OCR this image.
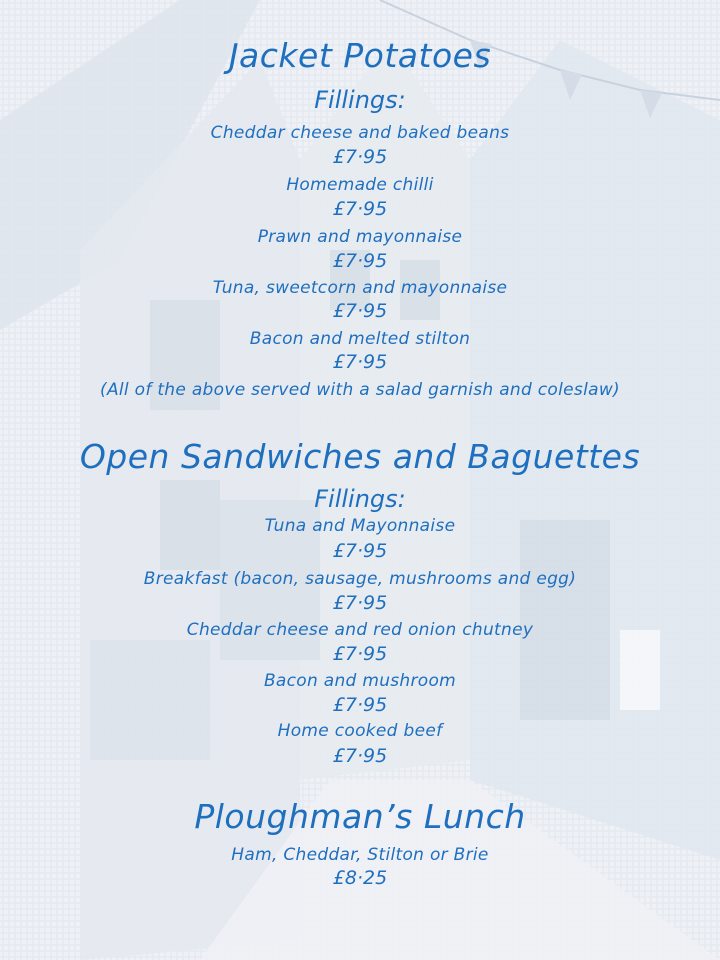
Jacket Potatoes
Fillings:
Cheddar cheese and baked beans
£7·95
Homemade chilli
£7·95
Prawn and mayonnaise
£7·95
Tuna, sweetcorn and mayonnaise
£7·95
Bacon and melted stilton
£7·95
(All of the above served with a salad garnish and coleslaw)
Open Sandwiches and Baguettes
Fillings:
Tuna and Mayonnaise
£7·95
Breakfast (bacon, sausage, mushrooms and egg)
£7·95
Cheddar cheese and red onion chutney
£7·95
Bacon and mushroom
£7·95
Home cooked beef
£7·95
Ploughman’s Lunch
Ham, Cheddar, Stilton or Brie
£8·25
